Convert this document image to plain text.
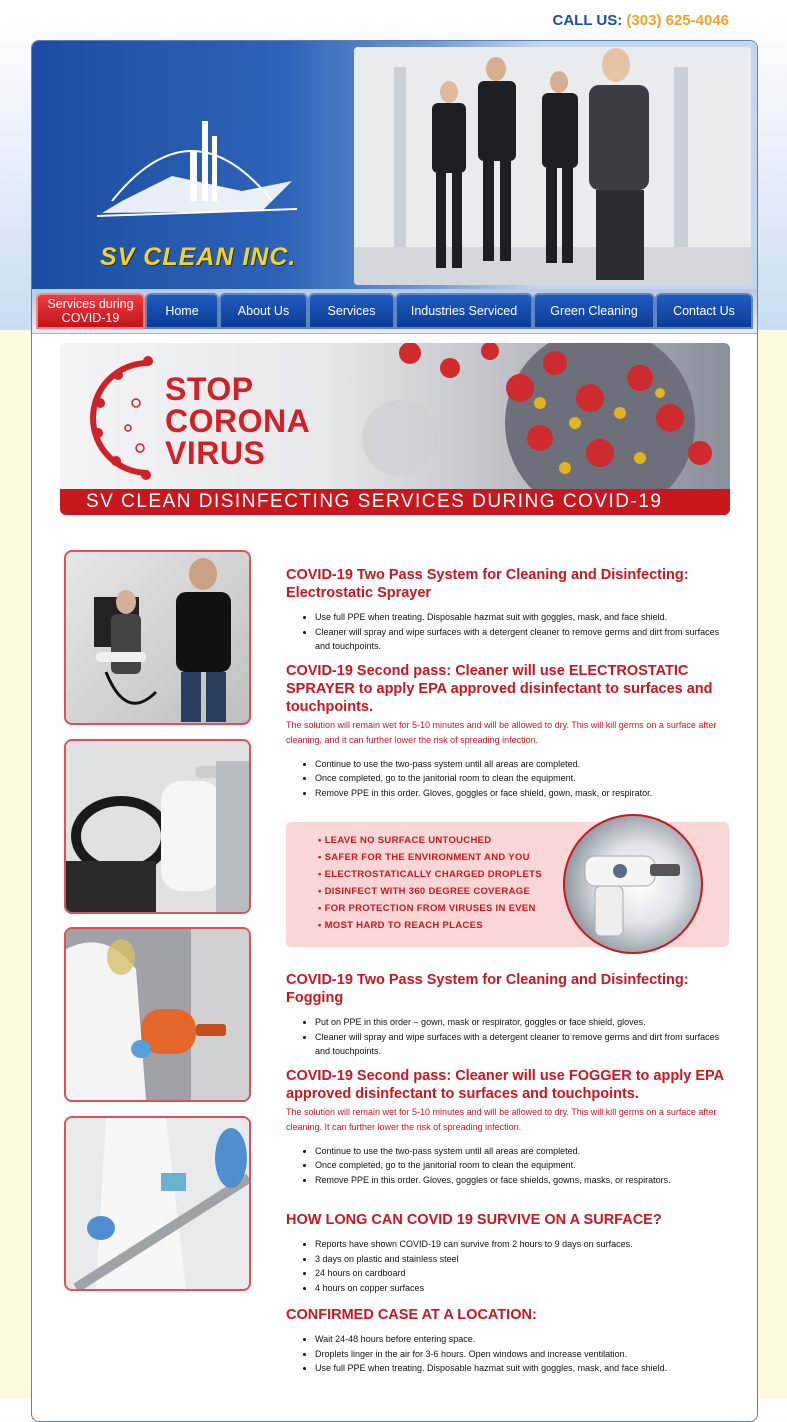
CALL US: (303) 625-4046
SV CLEAN INC.
Services during COVID-19	Home	About Us	Services	Industries Serviced	Green Cleaning	Contact Us
STOP
CORONA
VIRUS
SV CLEAN DISINFECTING SERVICES DURING COVID-19

COVID-19 Two Pass System for Cleaning and Disinfecting: Electrostatic Sprayer

• Use full PPE when treating. Disposable hazmat suit with goggles, mask, and face shield.
• Cleaner will spray and wipe surfaces with a detergent cleaner to remove germs and dirt from surfaces and touchpoints.

COVID-19 Second pass: Cleaner will use ELECTROSTATIC SPRAYER to apply EPA approved disinfectant to surfaces and touchpoints.

The solution will remain wet for 5-10 minutes and will be allowed to dry. This will kill germs on a surface after cleaning, and it can further lower the risk of spreading infection.

• Continue to use the two-pass system until all areas are completed.
• Once completed, go to the janitorial room to clean the equipment.
• Remove PPE in this order. Gloves, goggles or face shield, gown, mask, or respirator.
• LEAVE NO SURFACE UNTOUCHED
• SAFER FOR THE ENVIRONMENT AND YOU
• ELECTROSTATICALLY CHARGED DROPLETS
• DISINFECT WITH 360 DEGREE COVERAGE
• FOR PROTECTION FROM VIRUSES IN EVEN
• MOST HARD TO REACH PLACES

COVID-19 Two Pass System for Cleaning and Disinfecting: Fogging

• Put on PPE in this order – gown, mask or respirator, goggles or face shield, gloves.
• Cleaner will spray and wipe surfaces with a detergent cleaner to remove germs and dirt from surfaces and touchpoints.

COVID-19 Second pass: Cleaner will use FOGGER to apply EPA approved disinfectant to surfaces and touchpoints.

The solution will remain wet for 5-10 minutes and will be allowed to dry. This will kill germs on a surface after cleaning. It can further lower the risk of spreading infection.

• Continue to use the two-pass system until all areas are completed.
• Once completed, go to the janitorial room to clean the equipment.
• Remove PPE in this order. Gloves, goggles or face shields, gowns, masks, or respirators.

HOW LONG CAN COVID 19 SURVIVE ON A SURFACE?

• Reports have shown COVID-19 can survive from 2 hours to 9 days on surfaces.
• 3 days on plastic and stainless steel
• 24 hours on cardboard
• 4 hours on copper surfaces

CONFIRMED CASE AT A LOCATION:

• Wait 24-48 hours before entering space.
• Droplets linger in the air for 3-6 hours. Open windows and increase ventilation.
• Use full PPE when treating. Disposable hazmat suit with goggles, mask, and face shield.
